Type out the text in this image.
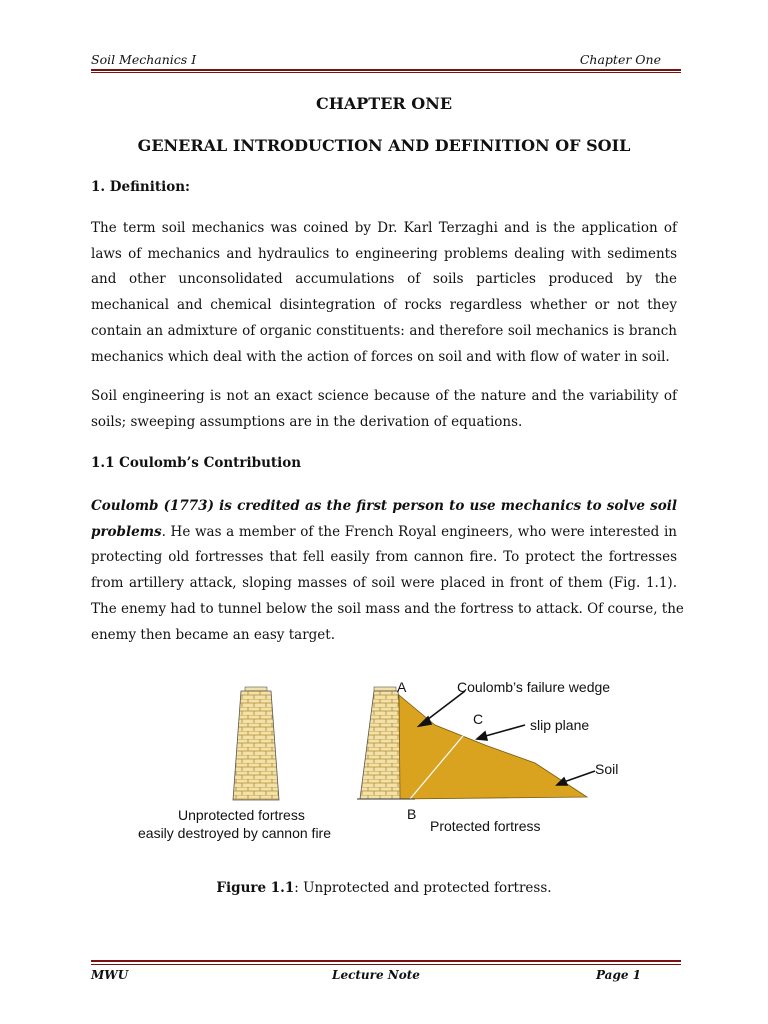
Soil Mechanics I	Chapter One
CHAPTER ONE
GENERAL INTRODUCTION AND DEFINITION OF SOIL
1. Definition:
The term soil mechanics was coined by Dr. Karl Terzaghi and is the application of
laws of mechanics and hydraulics to engineering problems dealing with sediments
and other unconsolidated accumulations of soils particles produced by the
mechanical and chemical disintegration of rocks regardless whether or not they
contain an admixture of organic constituents: and therefore soil mechanics is branch
mechanics which deal with the action of forces on soil and with flow of water in soil.
Soil engineering is not an exact science because of the nature and the variability of
soils; sweeping assumptions are in the derivation of equations.
1.1 Coulomb’s Contribution
Coulomb (1773) is credited as the first person to use mechanics to solve soil
problems. He was a member of the French Royal engineers, who were interested in
protecting old fortresses that fell easily from cannon fire. To protect the fortresses
from artillery attack, sloping masses of soil were placed in front of them (Fig. 1.1).
The enemy had to tunnel below the soil mass and the fortress to attack. Of course, the
enemy then became an easy target.
Unprotected fortress
easily destroyed by cannon fire
A
B
C
Coulomb’s failure wedge
slip plane
Soil
Protected fortress
Figure 1.1: Unprotected and protected fortress.
MWU	Lecture Note	Page 1
